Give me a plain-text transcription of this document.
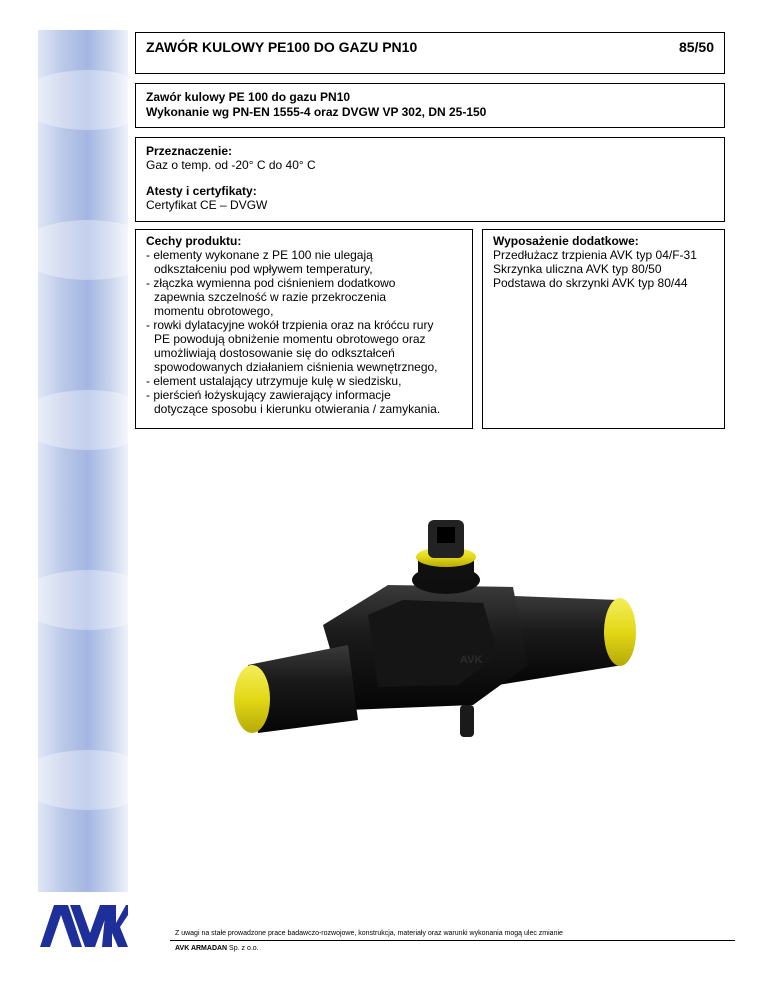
ZAWÓR KULOWY PE100 DO GAZU PN10	85/50
Zawór kulowy PE 100 do gazu PN10
Wykonanie wg PN-EN 1555-4 oraz DVGW VP 302, DN 25-150
Przeznaczenie:
Gaz o temp. od -20° C do 40° C
Atesty i certyfikaty:
Certyfikat CE – DVGW
Cechy produktu:
- elementy wykonane z PE 100 nie ulegają
odkształceniu pod wpływem temperatury,
- złączka wymienna pod ciśnieniem dodatkowo
zapewnia szczelność w razie przekroczenia
momentu obrotowego,
- rowki dylatacyjne wokół trzpienia oraz na króćcu rury
PE powodują obniżenie momentu obrotowego oraz
umożliwiają dostosowanie się do odkształceń
spowodowanych działaniem ciśnienia wewnętrznego,
- element ustalający utrzymuje kulę w siedzisku,
- pierścień łożyskujący zawierający informacje
dotyczące sposobu i kierunku otwierania / zamykania.
Wyposażenie dodatkowe:
Przedłużacz trzpienia AVK typ 04/F-31
Skrzynka uliczna AVK typ 80/50
Podstawa do skrzynki AVK typ 80/44
AVK
Z uwagi na stałe prowadzone prace badawczo-rozwojowe, konstrukcja, materiały oraz warunki wykonania mogą ulec zmianie
AVK ARMADAN Sp. z o.o.
